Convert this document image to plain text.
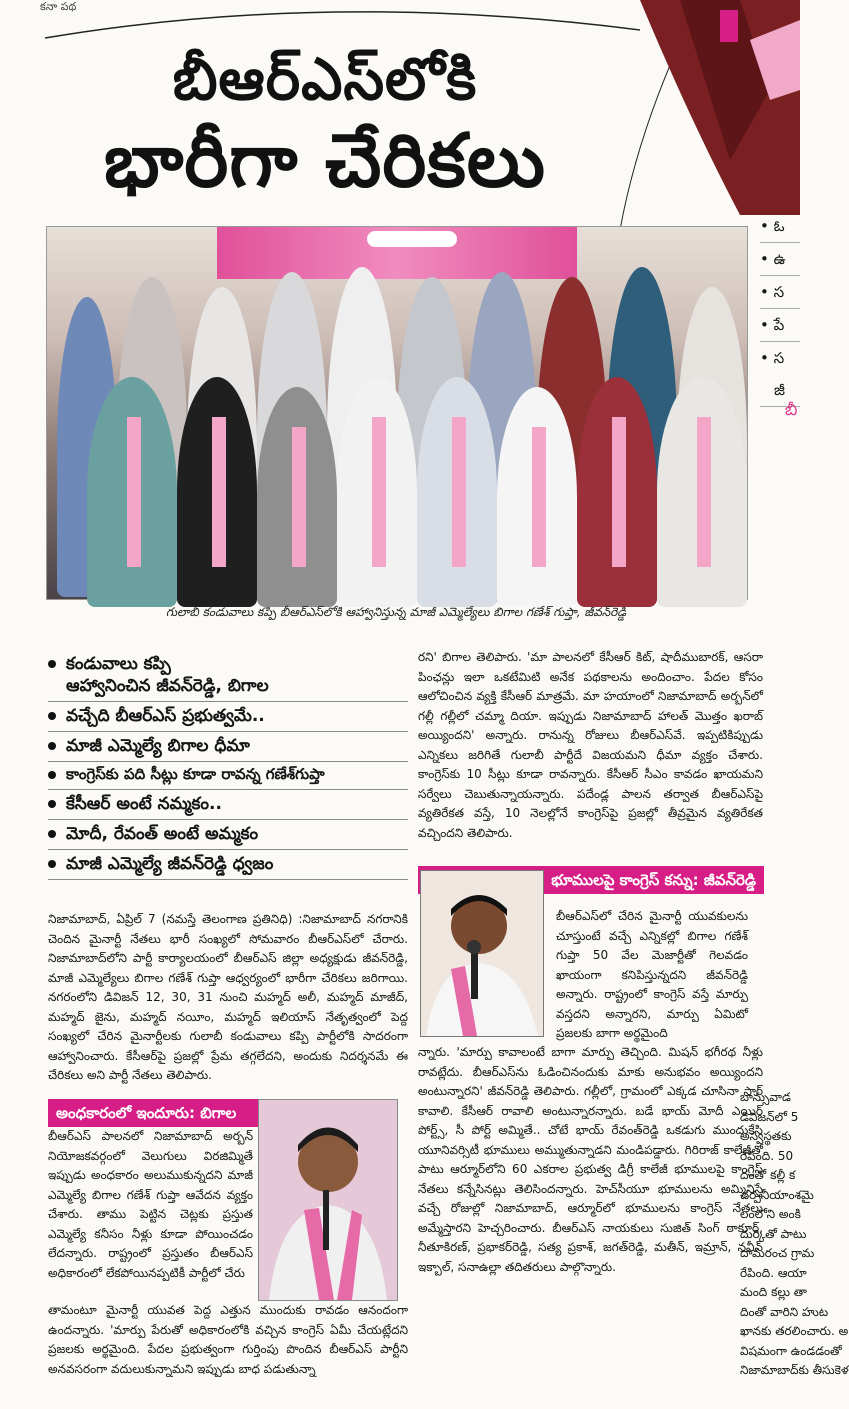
కనా పథ
బీఆర్‌ఎస్‌లోకి
భారీగా చేరికలు
గులాబీ కండువాలు కప్పి బీఆర్ఎస్‌లోకి ఆహ్వానిస్తున్న మాజీ ఎమ్మెల్యేలు బిగాల గణేశ్ గుప్తా, జీవన్‌రెడ్డి
• ఓ
• ఉ
• స
• పే
• స
జీ
బీ
కండువాలు కప్పి
ఆహ్వానించిన జీవన్‌రెడ్డి, బిగాల
వచ్చేది బీఆర్ఎస్ ప్రభుత్వమే..
మాజీ ఎమ్మెల్యే బిగాల ధీమా
కాంగ్రెస్‌కు పది సీట్లు కూడా రావన్న గణేశ్‌గుప్తా
కేసీఆర్ అంటే నమ్మకం..
మోదీ, రేవంత్ అంటే అమ్మకం
మాజీ ఎమ్మెల్యే జీవన్‌రెడ్డి ధ్వజం
నిజామాబాద్, ఏప్రిల్ 7 (నమస్తే తెలంగాణ ప్రతినిధి) :నిజామాబాద్ నగరానికి చెందిన మైనార్టీ నేతలు భారీ సంఖ్యలో సోమవారం బీఆర్ఎస్‌లో చేరారు. నిజామాబాద్‌లోని పార్టీ కార్యాలయంలో బీఆర్ఎస్ జిల్లా అధ్యక్షుడు జీవన్‌రెడ్డి, మాజీ ఎమ్మెల్యేలు బిగాల గణేశ్ గుప్తా ఆధ్వర్యంలో భారీగా చేరికలు జరిగాయి. నగరంలోని డివిజన్ 12, 30, 31 నుంచి మహ్మద్ అలీ, మహ్మద్ మాజీద్, మహ్మద్ జైను, మహ్మద్ నయీం, మహ్మద్ ఇలియాస్ నేతృత్వంలో పెద్ద సంఖ్యలో చేరిన మైనార్టీలకు గులాబీ కండువాలు కప్పి పార్టీలోకి సాదరంగా ఆహ్వానించారు. కేసీఆర్‌పై ప్రజల్లో ప్రేమ తగ్గలేదని, అందుకు నిదర్శనమే ఈ చేరికలు అని పార్టీ నేతలు తెలిపారు.
అంధకారంలో ఇందూరు: బిగాల
బీఆర్ఎస్ పాలనలో నిజామాబాద్ అర్బన్ నియోజకవర్గంలో వెలుగులు విరజిమ్మితే ఇప్పుడు అంధకారం అలుముకున్నదని మాజీ ఎమ్మెల్యే బిగాల గణేశ్ గుప్తా ఆవేదన వ్యక్తం చేశారు. తాము పెట్టిన చెట్లకు ప్రస్తుత ఎమ్మెల్యే కనీసం నీళ్లు కూడా పోయించడం లేదన్నారు. రాష్ట్రంలో ప్రస్తుతం బీఆర్ఎస్ అధికారంలో లేకపోయినప్పటికీ పార్టీలో చేరు
తామంటూ మైనార్టీ యువత పెద్ద ఎత్తున ముందుకు రావడం ఆనందంగా ఉందన్నారు. 'మార్పు పేరుతో అధికారంలోకి వచ్చిన కాంగ్రెస్ ఏమీ చేయట్లేదని ప్రజలకు అర్థమైంది. పేదల ప్రభుత్వంగా గుర్తింపు పొందిన బీఆర్ఎస్ పార్టీని అనవసరంగా వదులుకున్నామని ఇప్పుడు బాధ పడుతున్నా
రని' బిగాల తెలిపారు. 'మా పాలనలో కేసీఆర్ కిట్, షాదీముబారక్, ఆసరా పింఛన్లు ఇలా ఒకటేమిటి అనేక పథకాలను అందించాం. పేదల కోసం ఆలోచించిన వ్యక్తి కేసీఆర్ మాత్రమే. మా హయాంలో నిజామాబాద్ అర్బన్‌లో గల్లీ గల్లీలో చమ్మా దియా. ఇప్పుడు నిజామాబాద్ హాలత్ మొత్తం ఖరాబ్ అయ్యిందని' అన్నారు. రానున్న రోజులు బీఆర్ఎస్‌వే. ఇప్పటికిప్పుడు ఎన్నికలు జరిగితే గులాబీ పార్టీదే విజయమని ధీమా వ్యక్తం చేశారు. కాంగ్రెస్‌కు 10 సీట్లు కూడా రావన్నారు. కేసీఆర్ సీఎం కావడం ఖాయమని సర్వేలు చెబుతున్నాయన్నారు. పదేండ్ల పాలన తర్వాత బీఆర్ఎస్‌పై వ్యతిరేకత వస్తే, 10 నెలల్లోనే కాంగ్రెస్‌పై ప్రజల్లో తీవ్రమైన వ్యతిరేకత వచ్చిందని తెలిపారు.
భూములపై కాంగ్రెస్ కన్ను: జీవన్‌రెడ్డి
బీఆర్ఎస్‌లో చేరిన మైనార్టీ యువకులను చూస్తుంటే వచ్చే ఎన్నికల్లో బిగాల గణేశ్ గుప్తా 50 వేల మెజార్టీతో గెలవడం ఖాయంగా కనిపిస్తున్నదని జీవన్‌రెడ్డి అన్నారు. రాష్ట్రంలో కాంగ్రెస్ వస్తే మార్పు వస్తదని అన్నారని, మార్పు ఏమిటో ప్రజలకు బాగా అర్థమైంది
న్నారు. 'మార్పు కావాలంటే బాగా మార్పు తెచ్చింది. మిషన్ భగీరథ నీళ్లు రావట్లేదు. బీఆర్ఎస్‌ను ఓడించినందుకు మాకు అనుభవం అయ్యిందని అంటున్నారని' జీవన్‌రెడ్డి తెలిపారు. గల్లీలో, గ్రామంలో ఎక్కడ చూసినా సార్ కావాలి. కేసీఆర్ రావాలి అంటున్నారన్నారు. బడే భాయ్ మోదీ ఎయిర్ పోర్ట్స్, సీ పోర్ట్ అమ్మితే.. చోటే భాయ్ రేవంత్‌రెడ్డి ఒకడుగు ముందుకేసి యూనివర్సిటీ భూములు అమ్ముతున్నాడని మండిపడ్డారు. గిరిరాజ్ కాలేజీతో పాటు ఆర్మూర్‌లోని 60 ఎకరాల ప్రభుత్వ డిగ్రీ కాలేజీ భూములపై కాంగ్రెస్ నేతలు కన్నేసినట్లు తెలిసిందన్నారు. హెచ్‌సీయూ భూములను అమ్మినిస్తే వచ్చే రోజుల్లో నిజామాబాద్, ఆర్మూర్‌లో భూములను కాంగ్రెస్ నేతలు అమ్మేస్తారని హెచ్చరించారు. బీఆర్ఎస్ నాయకులు సుజిత్ సింగ్ ఠాకూర్, నీతూకిరణ్, ప్రభాకర్‌రెడ్డి, సత్య ప్రకాశ్, జగత్‌రెడ్డి, మతీన్, ఇమ్రాన్, నవీన్ ఇక్బాల్, సనాఉల్లా తదితరులు పాల్గొన్నారు.
బాన్సువాడ
డివిజన్‌లో 5
అస్వస్థతకు
రేపింది. 50
దంతో కల్లీ క
చర్పనీయాంశమై
లంలోని అంకి
దుర్కితో పాటు
దామరంచ గ్రామ
రేపింది. ఆయా
మంది కల్లు తా
దింతో వారిని హుట
ఖానకు తరలించారు. అ
విషమంగా ఉండడంతో
నిజామాబాద్‌కు తీసుకెళ
